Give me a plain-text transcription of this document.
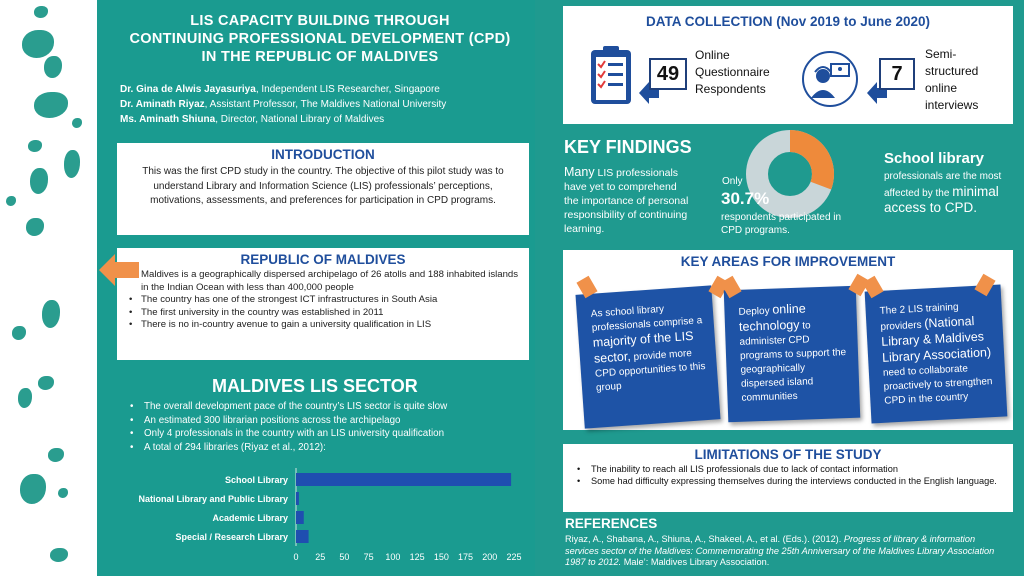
LIS CAPACITY BUILDING THROUGH
CONTINUING PROFESSIONAL DEVELOPMENT (CPD)
IN THE REPUBLIC OF MALDIVES
Dr. Gina de Alwis Jayasuriya, Independent LIS Researcher, Singapore
Dr. Aminath Riyaz, Assistant Professor, The Maldives National University
Ms. Aminath Shiuna, Director, National Library of Maldives
INTRODUCTION

This was the first CPD study in the country. The objective of this pilot study was to understand Library and Information Science (LIS) professionals’ perceptions, motivations, assessments, and preferences for participation in CPD programs.

REPUBLIC OF MALDIVES
• Maldives is a geographically dispersed archipelago of 26 atolls and 188 inhabited islands in the Indian Ocean with less than 400,000 people
• The country has one of the strongest ICT infrastructures in South Asia
• The first university in the country was established in 2011
• There is no in-country avenue to gain a university qualification in LIS
MALDIVES LIS SECTOR
• The overall development pace of the country’s LIS sector is quite slow
• An estimated 300 librarian positions across the archipelago
• Only 4 professionals in the country with an LIS university qualification
• A total of 294 libraries (Riyaz et al., 2012):
School Library
National Library and Public Library
Academic Library
Special / Research Library
0 25 50 75 100 125 150 175 200 225
DATA COLLECTION (Nov 2019 to June 2020)
49
Online
Questionnaire
Respondents
7
Semi-
structured
online
interviews
KEY FINDINGS
Many LIS professionals have yet to comprehend the importance of personal responsibility of continuing learning.
Only
30.7%
respondents participated in CPD programs.
School library
professionals are the most affected by the minimal access to CPD.
KEY AREAS FOR IMPROVEMENT
As school library professionals comprise a majority of the LIS sector, provide more CPD opportunities to this group
Deploy online technology to administer CPD programs to support the geographically dispersed island communities
The 2 LIS training providers (National Library & Maldives Library Association) need to collaborate proactively to strengthen CPD in the country
LIMITATIONS OF THE STUDY
• The inability to reach all LIS professionals due to lack of contact information
• Some had difficulty expressing themselves during the interviews conducted in the English language.
REFERENCES
Riyaz, A., Shabana, A., Shiuna, A., Shakeel, A., et al. (Eds.). (2012). Progress of library & information services sector of the Maldives: Commemorating the 25th Anniversary of the Maldives Library Association 1987 to 2012. Male’: Maldives Library Association.
